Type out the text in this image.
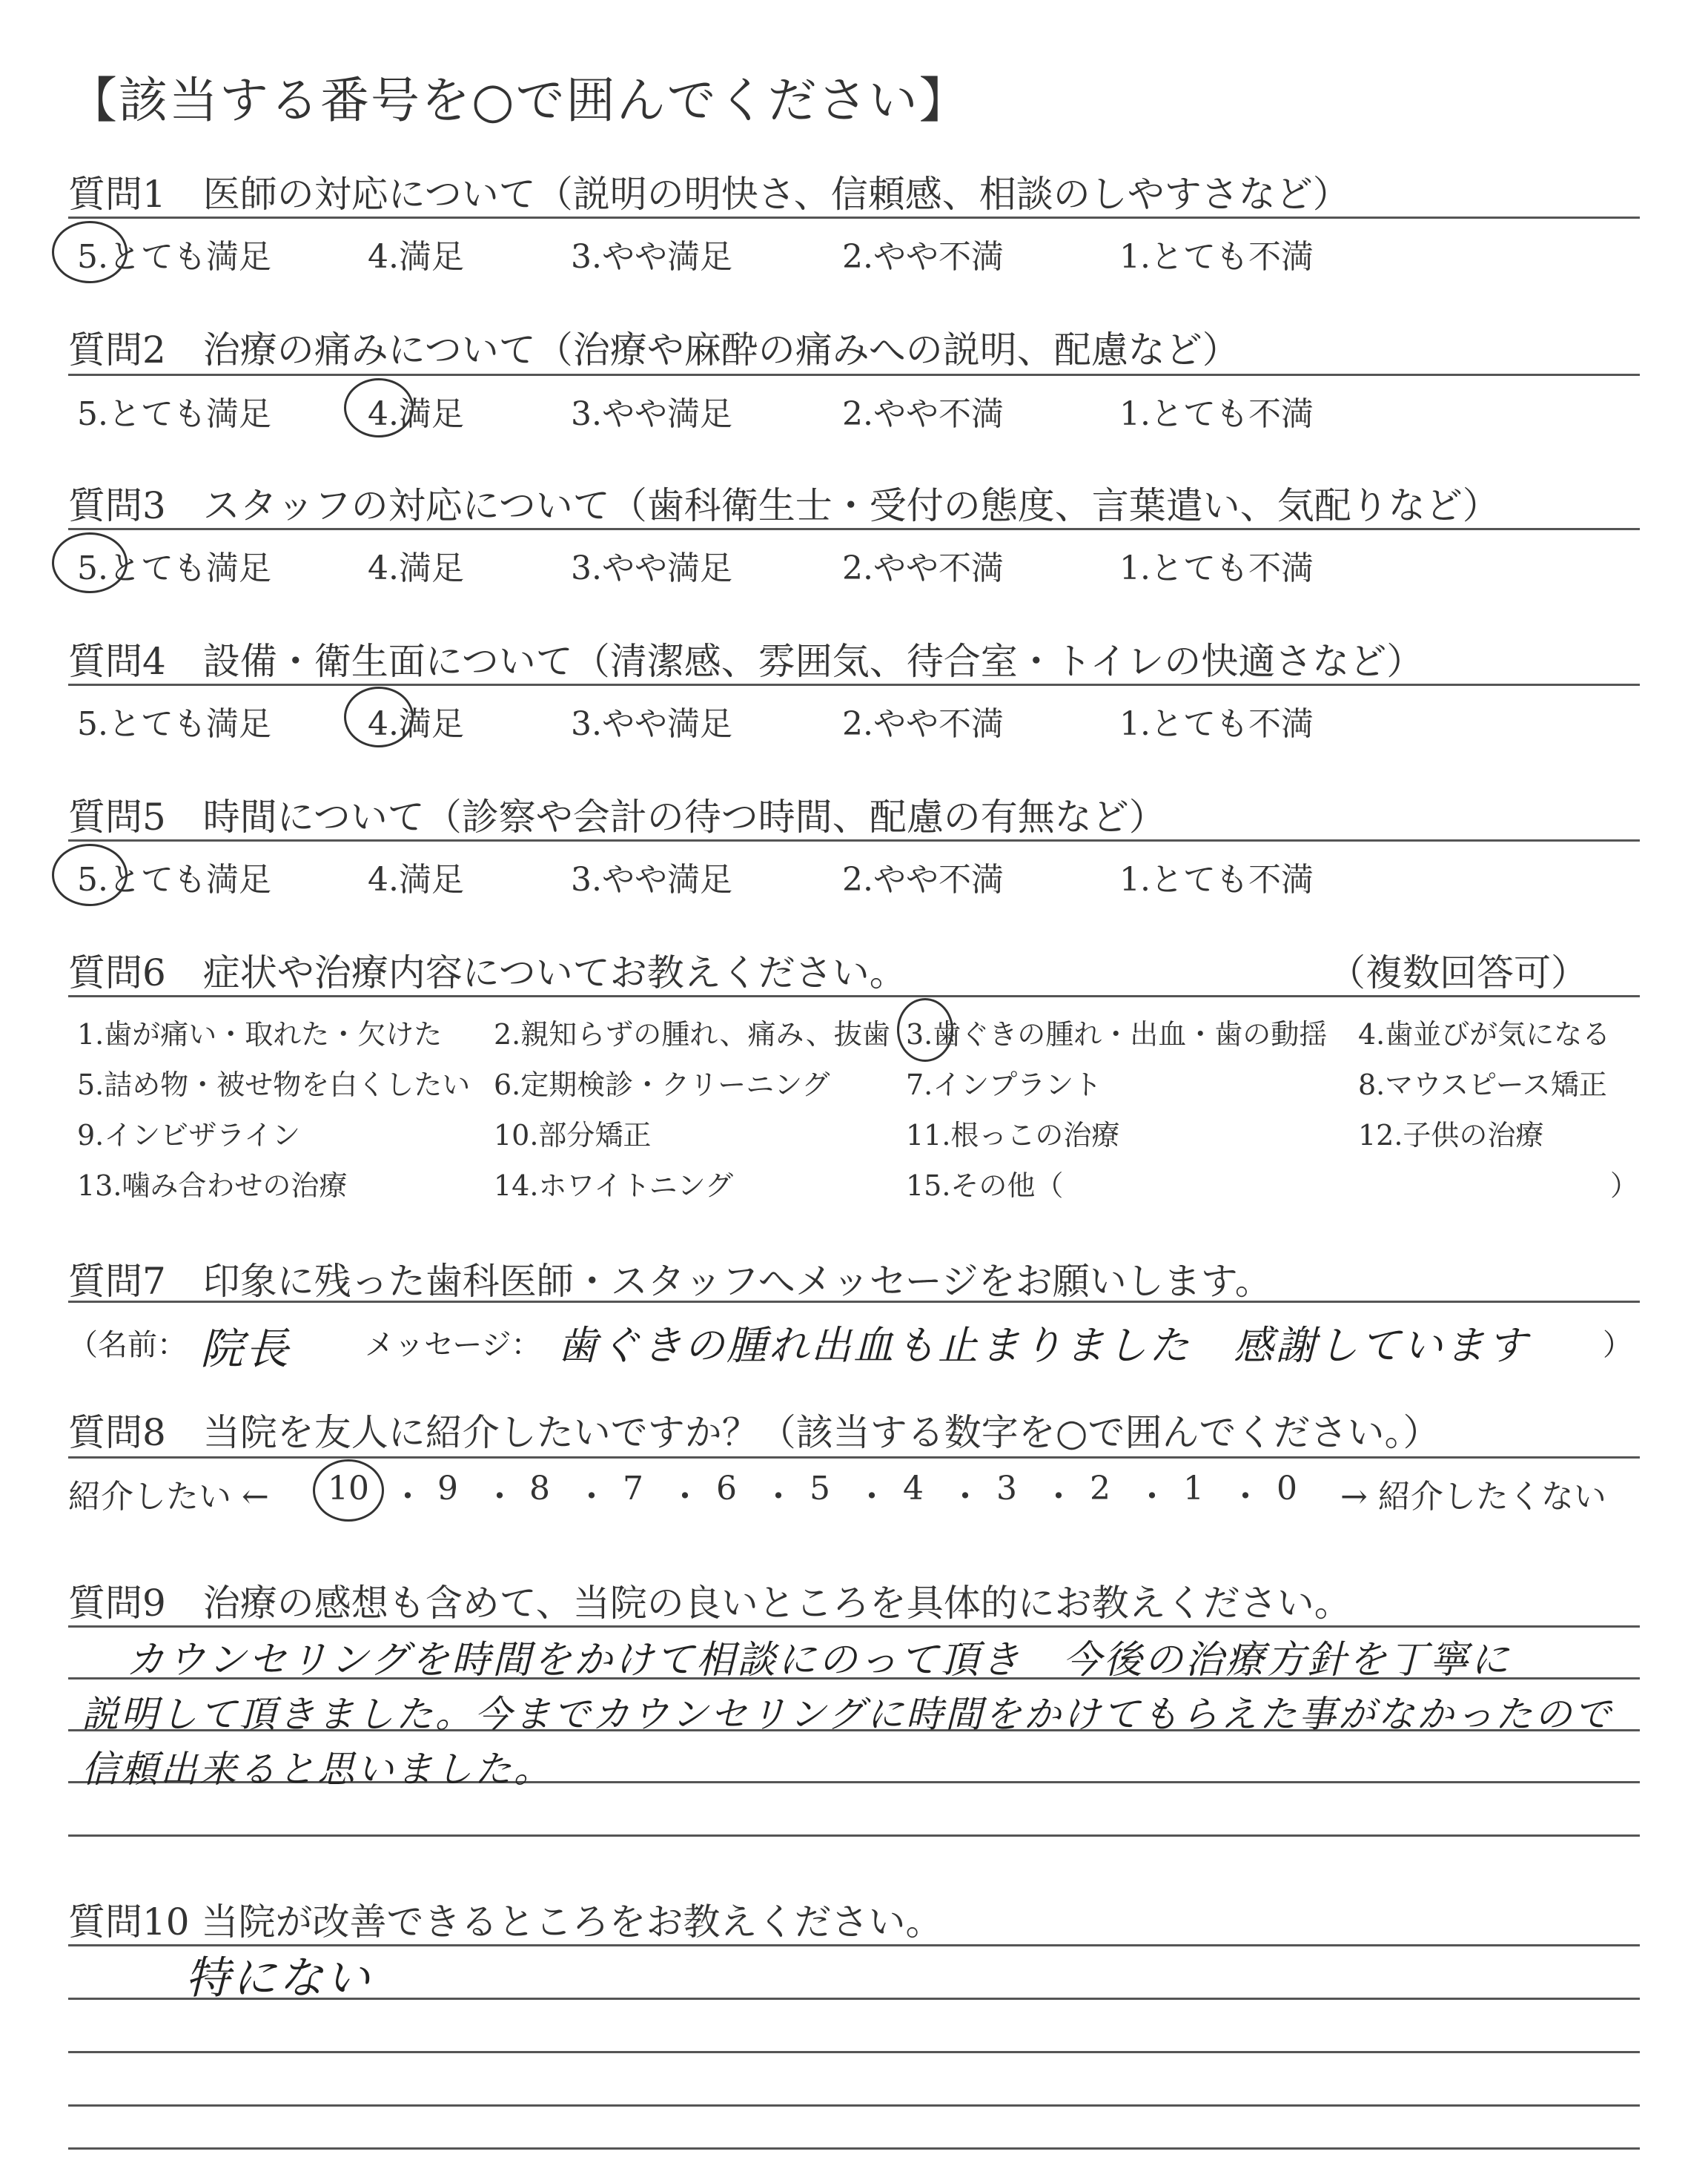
【該当する番号を○で囲んでください】
質問1　医師の対応について（説明の明快さ、信頼感、相談のしやすさなど）
5.とても満足	4.満足	3.やや満足	2.やや不満	1.とても不満
質問2　治療の痛みについて（治療や麻酔の痛みへの説明、配慮など）
5.とても満足	4.満足	3.やや満足	2.やや不満	1.とても不満
質問3　スタッフの対応について（歯科衛生士・受付の態度、言葉遣い、気配りなど）
5.とても満足	4.満足	3.やや満足	2.やや不満	1.とても不満
質問4　設備・衛生面について（清潔感、雰囲気、待合室・トイレの快適さなど）
5.とても満足	4.満足	3.やや満足	2.やや不満	1.とても不満
質問5　時間について（診察や会計の待つ時間、配慮の有無など）
5.とても満足	4.満足	3.やや満足	2.やや不満	1.とても不満
質問6　症状や治療内容についてお教えください。	（複数回答可）
1.歯が痛い・取れた・欠けた 2.親知らずの腫れ、痛み、抜歯 3.歯ぐきの腫れ・出血・歯の動揺 4.歯並びが気になる
5.詰め物・被せ物を白くしたい 6.定期検診・クリーニング	7.インプラント	8.マウスピース矯正
9.インビザライン	10.部分矯正	11.根っこの治療	12.子供の治療
13.噛み合わせの治療	14.ホワイトニング	15.その他（	）
質問7　印象に残った歯科医師・スタッフへメッセージをお願いします。
（名前： 院長 メッセージ： 歯ぐきの腫れ出血も止まりました　感謝しています ）
質問8　当院を友人に紹介したいですか？（該当する数字を○で囲んでください。）
紹介したい ← 10 ・ 9 ・ 8 ・ 7 ・ 6 ・ 5 ・ 4 ・ 3 ・ 2 ・ 1 ・ 0 → 紹介したくない
質問9　治療の感想も含めて、当院の良いところを具体的にお教えください。
カウンセリングを時間をかけて相談にのって頂き　今後の治療方針を丁寧に
説明して頂きました。今までカウンセリングに時間をかけてもらえた事がなかったので
信頼出来ると思いました。
質問10 当院が改善できるところをお教えください。
特にない
